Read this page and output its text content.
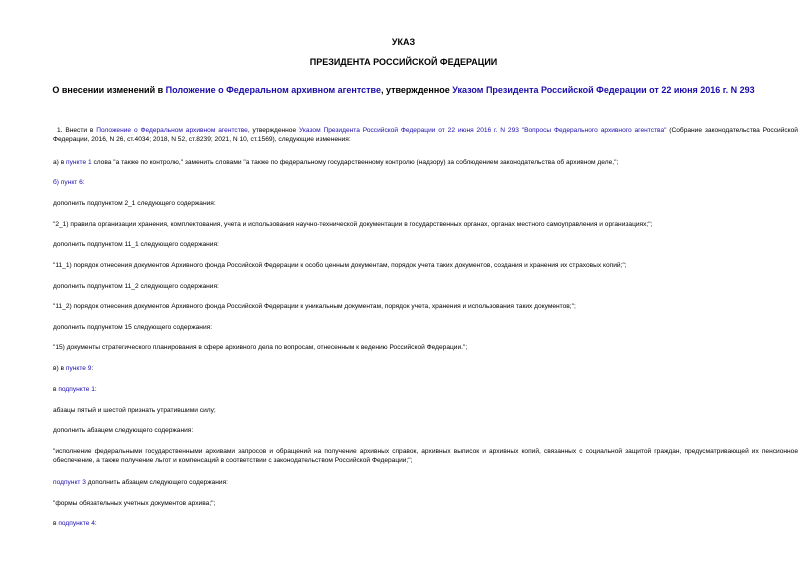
УКАЗ
ПРЕЗИДЕНТА РОССИЙСКОЙ ФЕДЕРАЦИИ
О внесении изменений в Положение о Федеральном архивном агентстве, утвержденное Указом Президента Российской Федерации от 22 июня 2016 г. N 293
1. Внести в Положение о Федеральном архивном агентстве, утвержденное Указом Президента Российской Федерации от 22 июня 2016 г. N 293 "Вопросы Федерального архивного агентства" (Собрание законодательства Российской Федерации, 2016, N 26, ст.4034; 2018, N 52, ст.8239; 2021, N 10, ст.1569), следующие изменения:
а) в пункте 1 слова "а также по контролю," заменить словами "а также по федеральному государственному контролю (надзору) за соблюдением законодательства об архивном деле,";
б) пункт 6:
дополнить подпунктом 2_1 следующего содержания:
"2_1) правила организации хранения, комплектования, учета и использования научно-технической документации в государственных органах, органах местного самоуправления и организациях;";
дополнить подпунктом 11_1 следующего содержания:
"11_1) порядок отнесения документов Архивного фонда Российской Федерации к особо ценным документам, порядок учета таких документов, создания и хранения их страховых копий;";
дополнить подпунктом 11_2 следующего содержания:
"11_2) порядок отнесения документов Архивного фонда Российской Федерации к уникальным документам, порядок учета, хранения и использования таких документов;";
дополнить подпунктом 15 следующего содержания:
"15) документы стратегического планирования в сфере архивного дела по вопросам, отнесенным к ведению Российской Федерации.";
в) в пункте 9:
в подпункте 1:
абзацы пятый и шестой признать утратившими силу;
дополнить абзацем следующего содержания:
"исполнение федеральными государственными архивами запросов и обращений на получение архивных справок, архивных выписок и архивных копий, связанных с социальной защитой граждан, предусматривающей их пенсионное обеспечение, а также получение льгот и компенсаций в соответствии с законодательством Российской Федерации;";
подпункт 3 дополнить абзацем следующего содержания:
"формы обязательных учетных документов архива;";
в подпункте 4:
